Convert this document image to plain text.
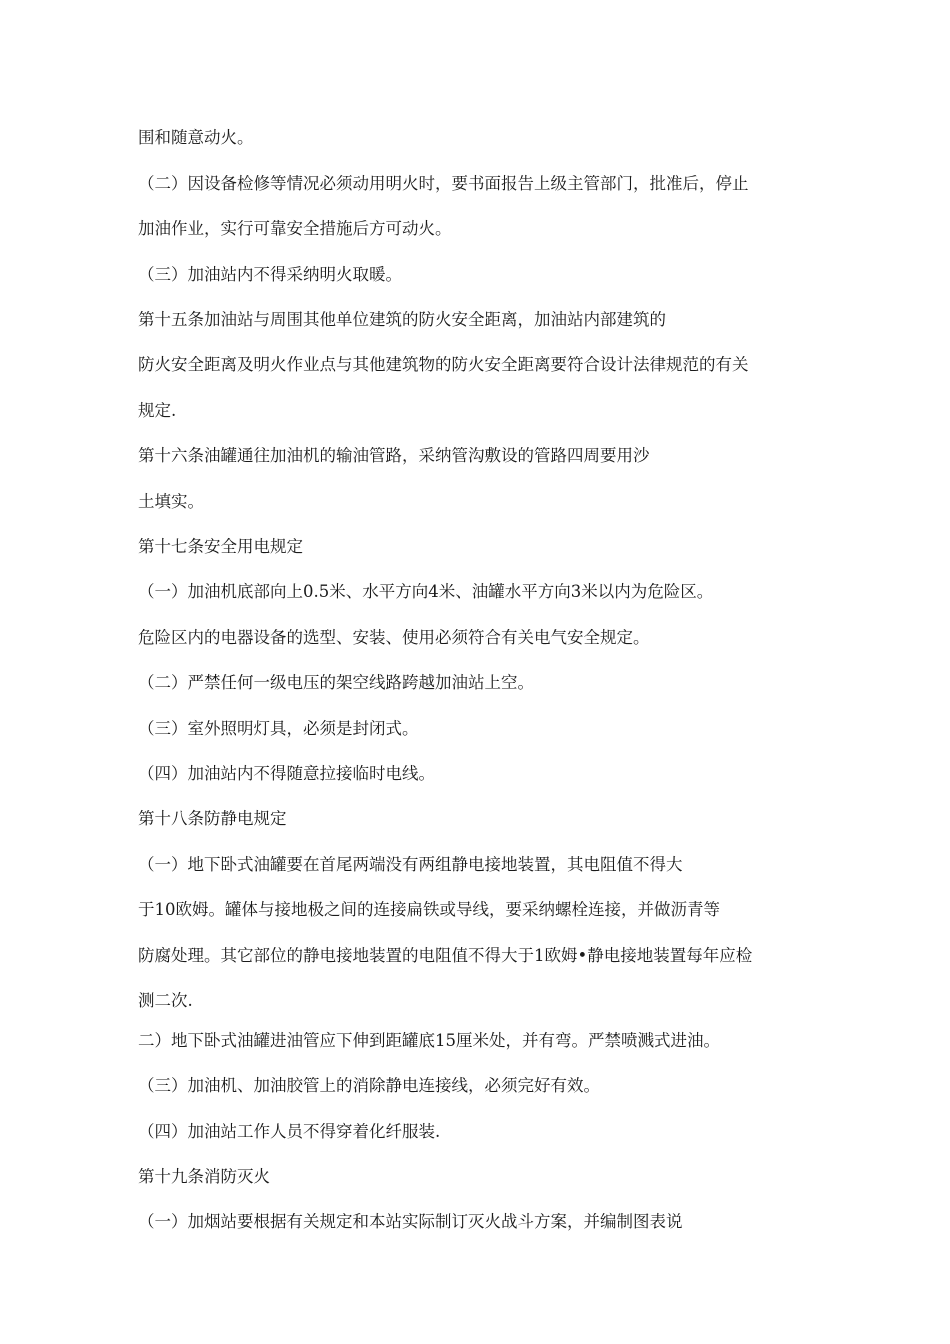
围和随意动火。

（二）因设备检修等情况必须动用明火时，要书面报告上级主管部门，批准后，停止

加油作业，实行可靠安全措施后方可动火。

（三）加油站内不得采纳明火取暖。

第十五条加油站与周围其他单位建筑的防火安全距离，加油站内部建筑的

防火安全距离及明火作业点与其他建筑物的防火安全距离要符合设计法律规范的有关

规定.

第十六条油罐通往加油机的输油管路，采纳管沟敷设的管路四周要用沙

土填实。

第十七条安全用电规定

（一）加油机底部向上0.5米、水平方向4米、油罐水平方向3米以内为危险区。

危险区内的电器设备的选型、安装、使用必须符合有关电气安全规定。

（二）严禁任何一级电压的架空线路跨越加油站上空。

（三）室外照明灯具，必须是封闭式。

（四）加油站内不得随意拉接临时电线。

第十八条防静电规定

（一）地下卧式油罐要在首尾两端没有两组静电接地装置，其电阻值不得大

于10欧姆。罐体与接地极之间的连接扁铁或导线，要采纳螺栓连接，并做沥青等

防腐处理。其它部位的静电接地装置的电阻值不得大于1欧姆•静电接地装置每年应检

测二次.

二）地下卧式油罐进油管应下伸到距罐底15厘米处，并有弯。严禁喷溅式进油。

（三）加油机、加油胶管上的消除静电连接线，必须完好有效。

（四）加油站工作人员不得穿着化纤服装.

第十九条消防灭火

（一）加烟站要根据有关规定和本站实际制订灭火战斗方案，并编制图表说
